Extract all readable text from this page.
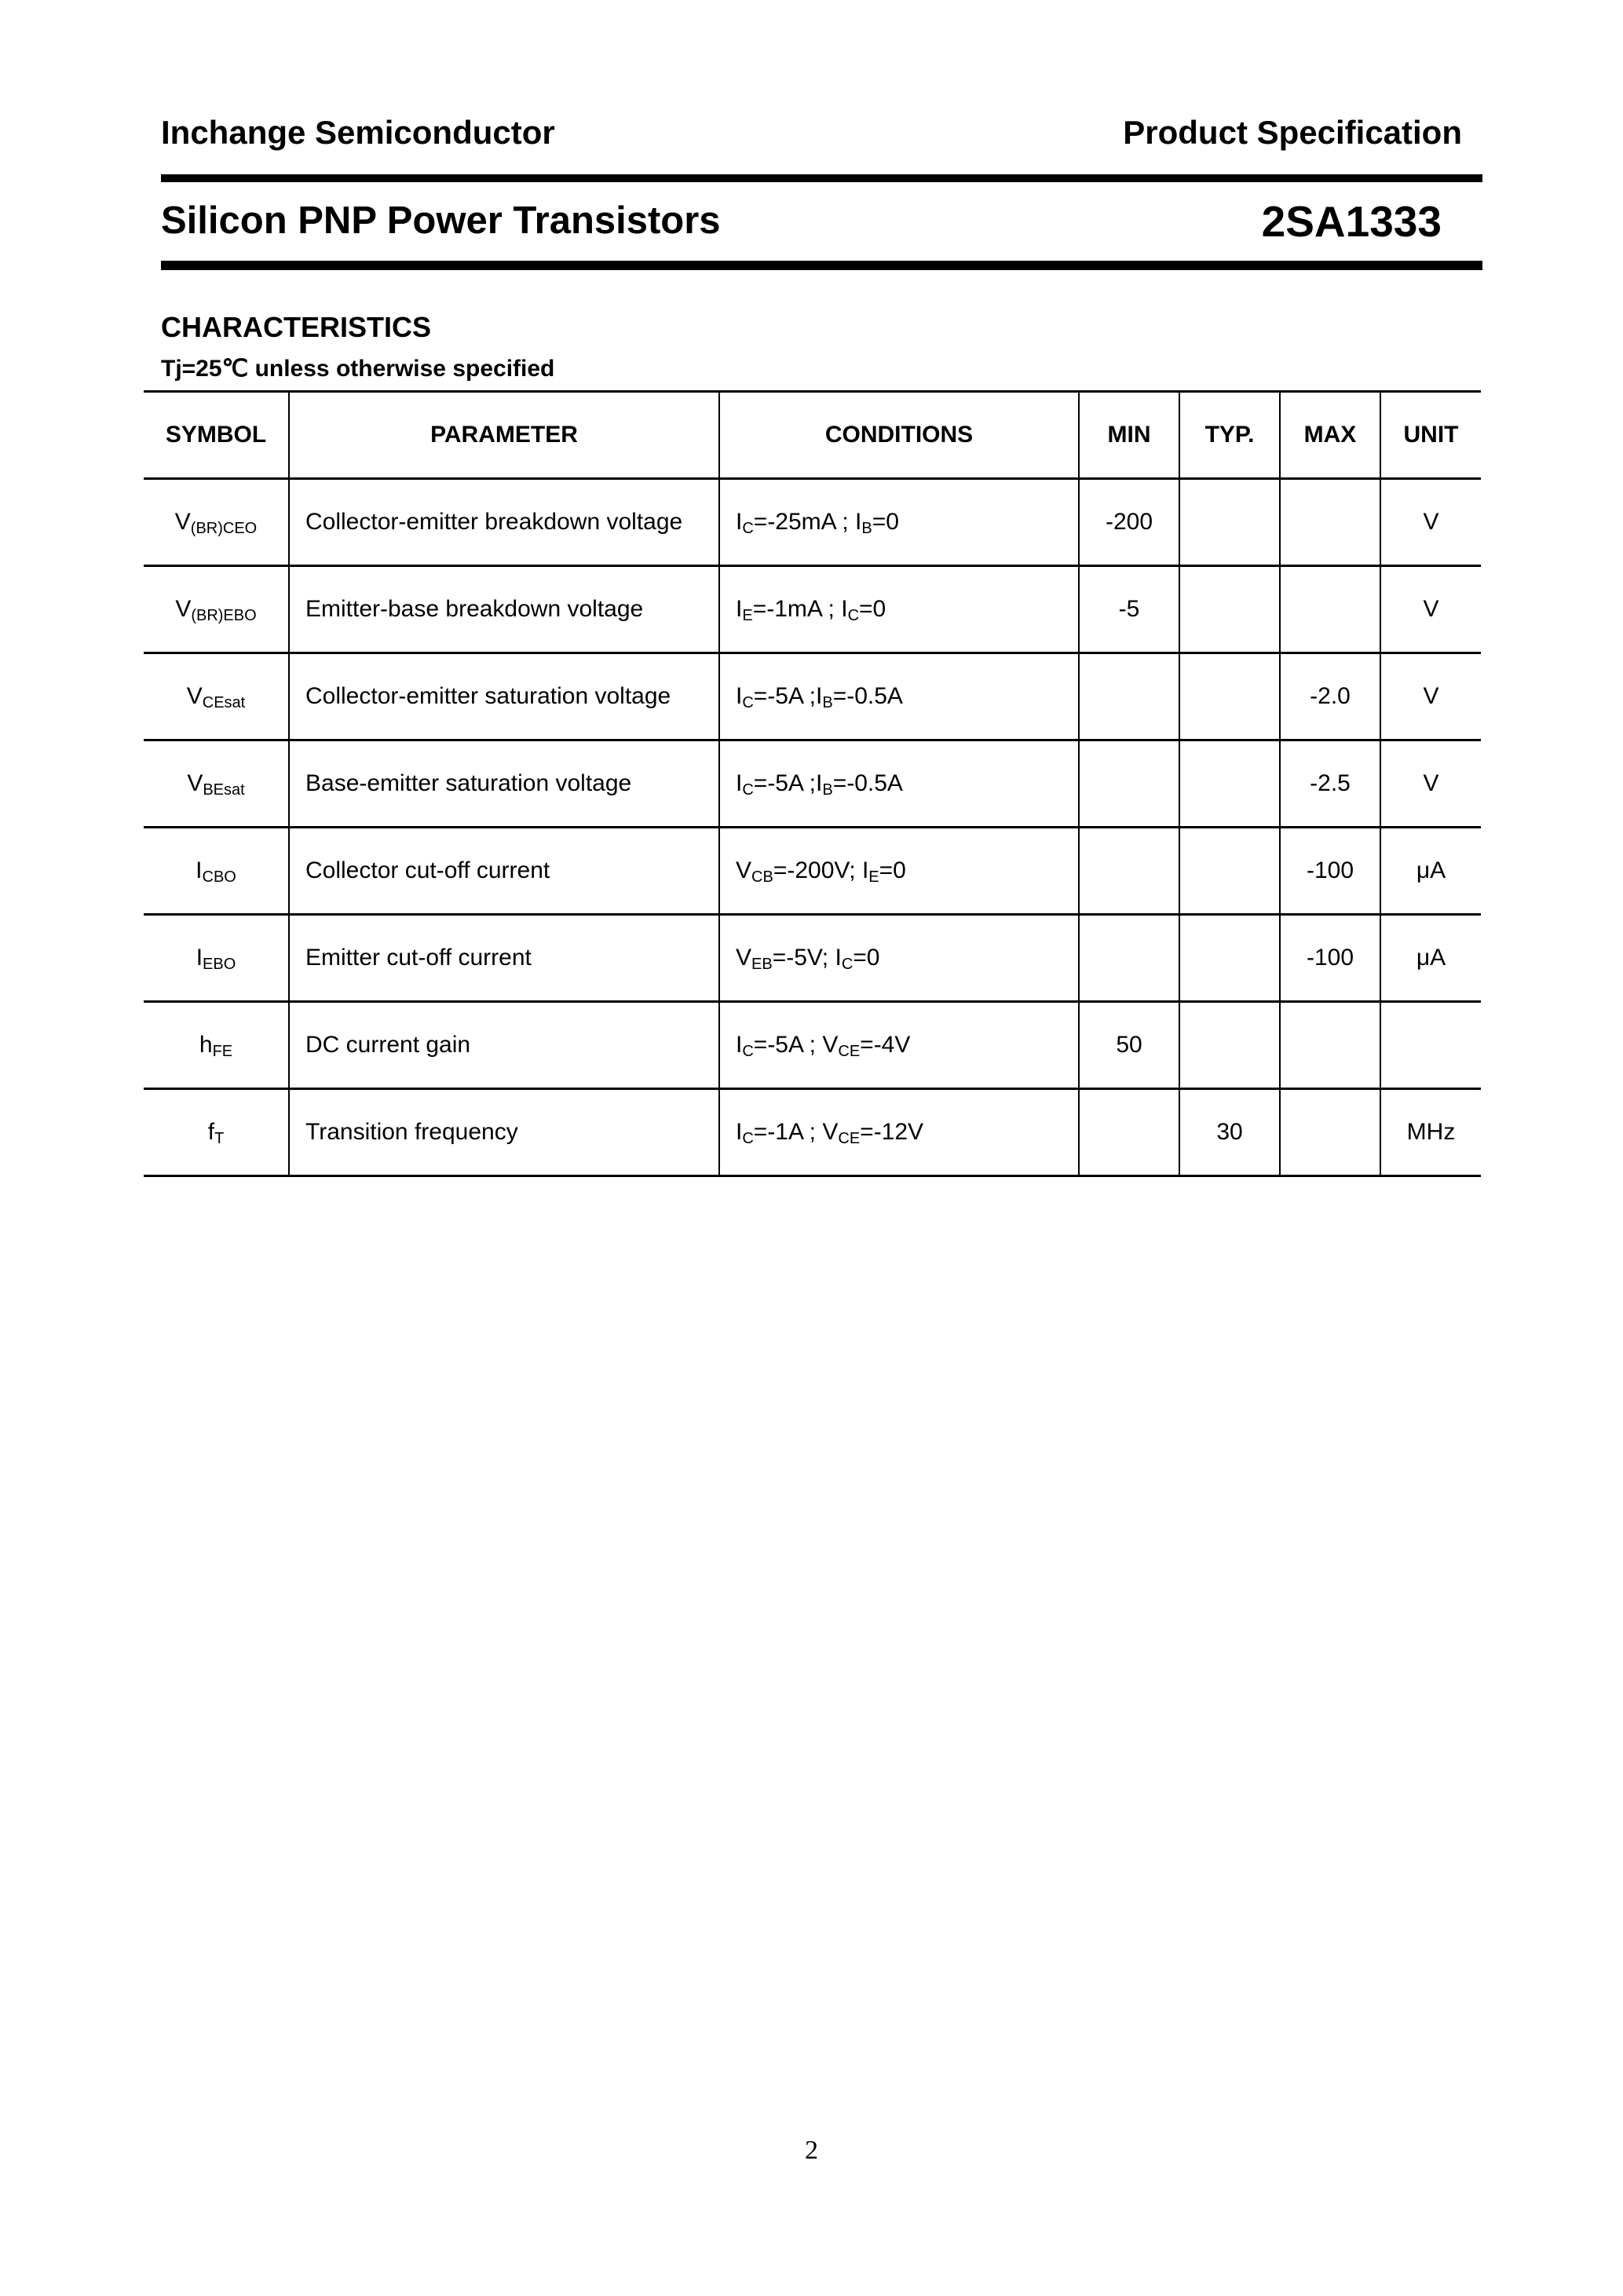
Inchange Semiconductor	Product Specification
Silicon PNP Power Transistors	2SA1333
CHARACTERISTICS
Tj=25℃ unless otherwise specified
SYMBOL	PARAMETER	CONDITIONS	MIN	TYP.	MAX	UNIT
$V_{(BR)CEO}$	Collector-emitter breakdown voltage	$I_C=-25mA$ ; $I_B=0$	-200			V
$V_{(BR)EBO}$	Emitter-base breakdown voltage	$I_E=-1mA$ ; $I_C=0$	-5			V
$V_{CEsat}$	Collector-emitter saturation voltage	$I_C=-5A$ $;I_B=-0.5A$			-2.0	V
$V_{BEsat}$	Base-emitter saturation voltage	$I_C=-5A$ $;I_B=-0.5A$			-2.5	V
$I_{CBO}$	Collector cut-off current	$V_{CB}=-200V$; $I_E=0$			-100	μA
$I_{EBO}$	Emitter cut-off current	$V_{EB}=-5V$; $I_C=0$			-100	μA
$h_{FE}$	DC current gain	$I_C=-5A$ ; $V_{CE}=-4V$	50			
$f_T$	Transition frequency	$I_C=-1A$ ; $V_{CE}=-12V$		30		MHz
2
